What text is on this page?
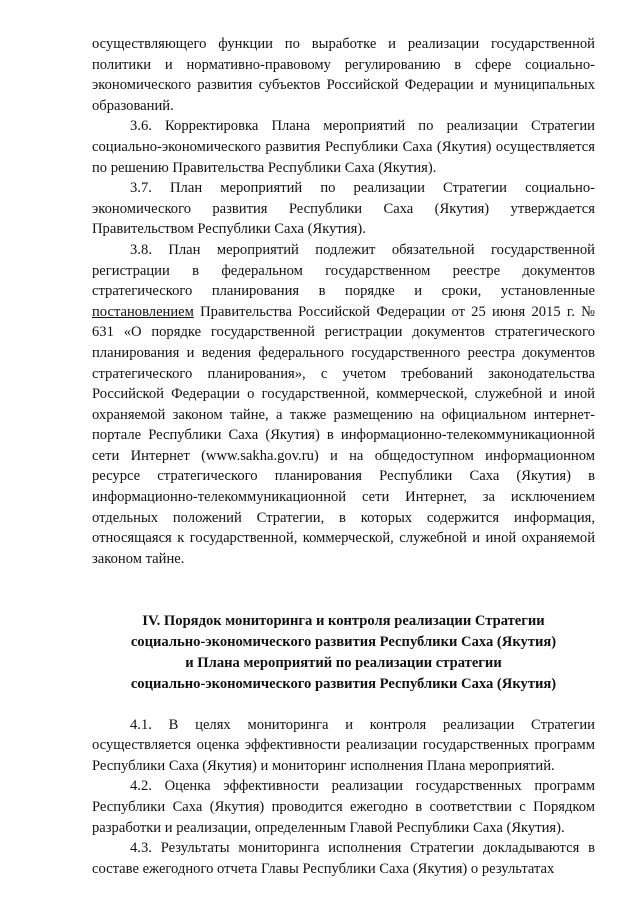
осуществляющего функции по выработке и реализации государственной политики и нормативно-правовому регулированию в сфере социально-экономического развития субъектов Российской Федерации и муниципальных образований.

3.6. Корректировка Плана мероприятий по реализации Стратегии социально-экономического развития Республики Саха (Якутия) осуществляется по решению Правительства Республики Саха (Якутия).

3.7. План мероприятий по реализации Стратегии социально-экономического развития Республики Саха (Якутия) утверждается Правительством Республики Саха (Якутия).

3.8. План мероприятий подлежит обязательной государственной регистрации в федеральном государственном реестре документов стратегического планирования в порядке и сроки, установленные постановлением Правительства Российской Федерации от 25 июня 2015 г. № 631 «О порядке государственной регистрации документов стратегического планирования и ведения федерального государственного реестра документов стратегического планирования», с учетом требований законодательства Российской Федерации о государственной, коммерческой, служебной и иной охраняемой законом тайне, а также размещению на официальном интернет-портале Республики Саха (Якутия) в информационно-телекоммуникационной сети Интернет (www.sakha.gov.ru) и на общедоступном информационном ресурсе стратегического планирования Республики Саха (Якутия) в информационно-телекоммуникационной сети Интернет, за исключением отдельных положений Стратегии, в которых содержится информация, относящаяся к государственной, коммерческой, служебной и иной охраняемой законом тайне.

IV. Порядок мониторинга и контроля реализации Стратегии

социально-экономического развития Республики Саха (Якутия)

и Плана мероприятий по реализации стратегии

социально-экономического развития Республики Саха (Якутия)

4.1. В целях мониторинга и контроля реализации Стратегии осуществляется оценка эффективности реализации государственных программ Республики Саха (Якутия) и мониторинг исполнения Плана мероприятий.

4.2. Оценка эффективности реализации государственных программ Республики Саха (Якутия) проводится ежегодно в соответствии с Порядком разработки и реализации, определенным Главой Республики Саха (Якутия).

4.3. Результаты мониторинга исполнения Стратегии докладываются в составе ежегодного отчета Главы Республики Саха (Якутия) о результатах
